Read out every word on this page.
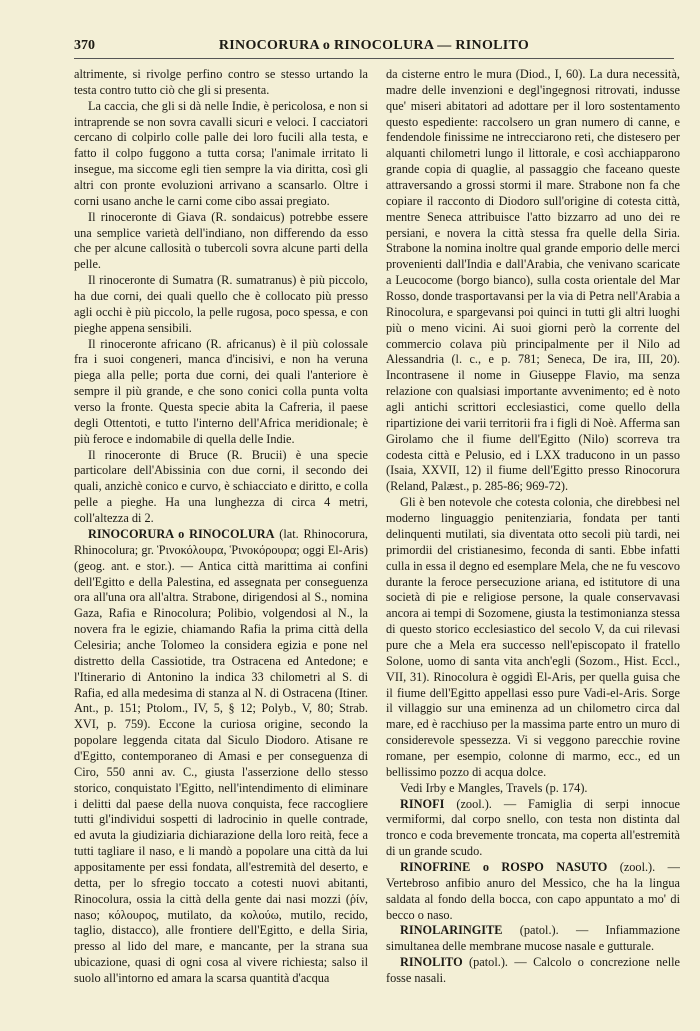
370	RINOCORURA o RINOCOLURA — RINOLITO

altrimente, si rivolge perfino contro se stesso urtando la testa contro tutto ciò che gli si presenta.

La caccia, che gli si dà nelle Indie, è pericolosa, e non si intraprende se non sovra cavalli sicuri e veloci. I cacciatori cercano di colpirlo colle palle dei loro fucili alla testa, e fatto il colpo fuggono a tutta corsa; l'animale irritato li insegue, ma siccome egli tien sempre la via diritta, così gli altri con pronte evoluzioni arrivano a scansarlo. Oltre i corni usano anche le carni come cibo assai pregiato.

Il rinoceronte di Giava (R. sondaicus) potrebbe essere una semplice varietà dell'indiano, non differendo da esso che per alcune callosità o tubercoli sovra alcune parti della pelle.

Il rinoceronte di Sumatra (R. sumatranus) è più piccolo, ha due corni, dei quali quello che è collocato più presso agli occhi è più piccolo, la pelle rugosa, poco spessa, e con pieghe appena sensibili.

Il rinoceronte africano (R. africanus) è il più colossale fra i suoi congeneri, manca d'incisivi, e non ha veruna piega alla pelle; porta due corni, dei quali l'anteriore è sempre il più grande, e che sono conici colla punta volta verso la fronte. Questa specie abita la Cafreria, il paese degli Ottentoti, e tutto l'interno dell'Africa meridionale; è più feroce e indomabile di quella delle Indie.

Il rinoceronte di Bruce (R. Brucii) è una specie particolare dell'Abissinia con due corni, il secondo dei quali, anzichè conico e curvo, è schiacciato e diritto, e colla pelle a pieghe. Ha una lunghezza di circa 4 metri, coll'altezza di 2.

RINOCORURA o RINOCOLURA (lat. Rhinocorura, Rhinocolura; gr. Ῥινοκόλουρα, Ῥινοκόρουρα; oggi El-Aris) (geog. ant. e stor.). — Antica città marittima ai confini dell'Egitto e della Palestina, ed assegnata per conseguenza ora all'una ora all'altra. Strabone, dirigendosi al S., nomina Gaza, Rafia e Rinocolura; Polibio, volgendosi al N., la novera fra le egizie, chiamando Rafia la prima città della Celesiria; anche Tolomeo la considera egizia e pone nel distretto della Cassiotide, tra Ostracena ed Antedone; e l'Itinerario di Antonino la indica 33 chilometri al S. di Rafia, ed alla medesima di stanza al N. di Ostracena (Itiner. Ant., p. 151; Ptolom., IV, 5, § 12; Polyb., V, 80; Strab. XVI, p. 759). Eccone la curiosa origine, secondo la popolare leggenda citata dal Siculo Diodoro. Atisane re d'Egitto, contemporaneo di Amasi e per conseguenza di Ciro, 550 anni av. C., giusta l'asserzione dello stesso storico, conquistato l'Egitto, nell'intendimento di eliminare i delitti dal paese della nuova conquista, fece raccogliere tutti gl'individui sospetti di ladrocinio in quelle contrade, ed avuta la giudiziaria dichiarazione della loro reità, fece a tutti tagliare il naso, e li mandò a popolare una città da lui appositamente per essi fondata, all'estremità del deserto, e detta, per lo sfregio toccato a cotesti nuovi abitanti, Rinocolura, ossia la città della gente dai nasi mozzi (ῥίν, naso; κόλουρος, mutilato, da κολούω, mutilo, recido, taglio, distacco), alle frontiere dell'Egitto, e della Siria, presso al lido del mare, e mancante, per la strana sua ubicazione, quasi di ogni cosa al vivere richiesta; salso il suolo all'intorno ed amara la scarsa quantità d'acqua

da cisterne entro le mura (Diod., I, 60). La dura necessità, madre delle invenzioni e degl'ingegnosi ritrovati, indusse que' miseri abitatori ad adottare per il loro sostentamento questo espediente: raccolsero un gran numero di canne, e fendendole finissime ne intrecciarono reti, che distesero per alquanti chilometri lungo il littorale, e così acchiapparono grande copia di quaglie, al passaggio che faceano queste attraversando a grossi stormi il mare. Strabone non fa che copiare il racconto di Diodoro sull'origine di cotesta città, mentre Seneca attribuisce l'atto bizzarro ad uno dei re persiani, e novera la città stessa fra quelle della Siria. Strabone la nomina inoltre qual grande emporio delle merci provenienti dall'India e dall'Arabia, che venivano scaricate a Leucocome (borgo bianco), sulla costa orientale del Mar Rosso, donde trasportavansi per la via di Petra nell'Arabia a Rinocolura, e spargevansi poi quinci in tutti gli altri luoghi più o meno vicini. Ai suoi giorni però la corrente del commercio colava più principalmente per il Nilo ad Alessandria (l. c., e p. 781; Seneca, De ira, III, 20). Incontrasene il nome in Giuseppe Flavio, ma senza relazione con qualsiasi importante avvenimento; ed è noto agli antichi scrittori ecclesiastici, come quello della ripartizione dei varii territorii fra i figli di Noè. Afferma san Girolamo che il fiume dell'Egitto (Nilo) scorreva tra codesta città e Pelusio, ed i LXX traducono in un passo (Isaia, XXVII, 12) il fiume dell'Egitto presso Rinocorura (Reland, Palæst., p. 285-86; 969-72).

Gli è ben notevole che cotesta colonia, che direbbesi nel moderno linguaggio penitenziaria, fondata per tanti delinquenti mutilati, sia diventata otto secoli più tardi, nei primordii del cristianesimo, feconda di santi. Ebbe infatti culla in essa il degno ed esemplare Mela, che ne fu vescovo durante la feroce persecuzione ariana, ed istitutore di una società di pie e religiose persone, la quale conservavasi ancora ai tempi di Sozomene, giusta la testimonianza stessa di questo storico ecclesiastico del secolo V, da cui rilevasi pure che a Mela era successo nell'episcopato il fratello Solone, uomo di santa vita anch'egli (Sozom., Hist. Eccl., VII, 31). Rinocolura è oggidì El-Aris, per quella guisa che il fiume dell'Egitto appellasi esso pure Vadi-el-Aris. Sorge il villaggio sur una eminenza ad un chilometro circa dal mare, ed è racchiuso per la massima parte entro un muro di considerevole spessezza. Vi si veggono parecchie rovine romane, per esempio, colonne di marmo, ecc., ed un bellissimo pozzo di acqua dolce.

Vedi Irby e Mangles, Travels (p. 174).

RINOFI (zool.). — Famiglia di serpi innocue vermiformi, dal corpo snello, con testa non distinta dal tronco e coda brevemente troncata, ma coperta all'estremità di un grande scudo.

RINOFRINE o ROSPO NASUTO (zool.). — Vertebroso anfibio anuro del Messico, che ha la lingua saldata al fondo della bocca, con capo appuntato a mo' di becco o naso.

RINOLARINGITE (patol.). — Infiammazione simultanea delle membrane mucose nasale e gutturale.

RINOLITO (patol.). — Calcolo o concrezione nelle fosse nasali.
